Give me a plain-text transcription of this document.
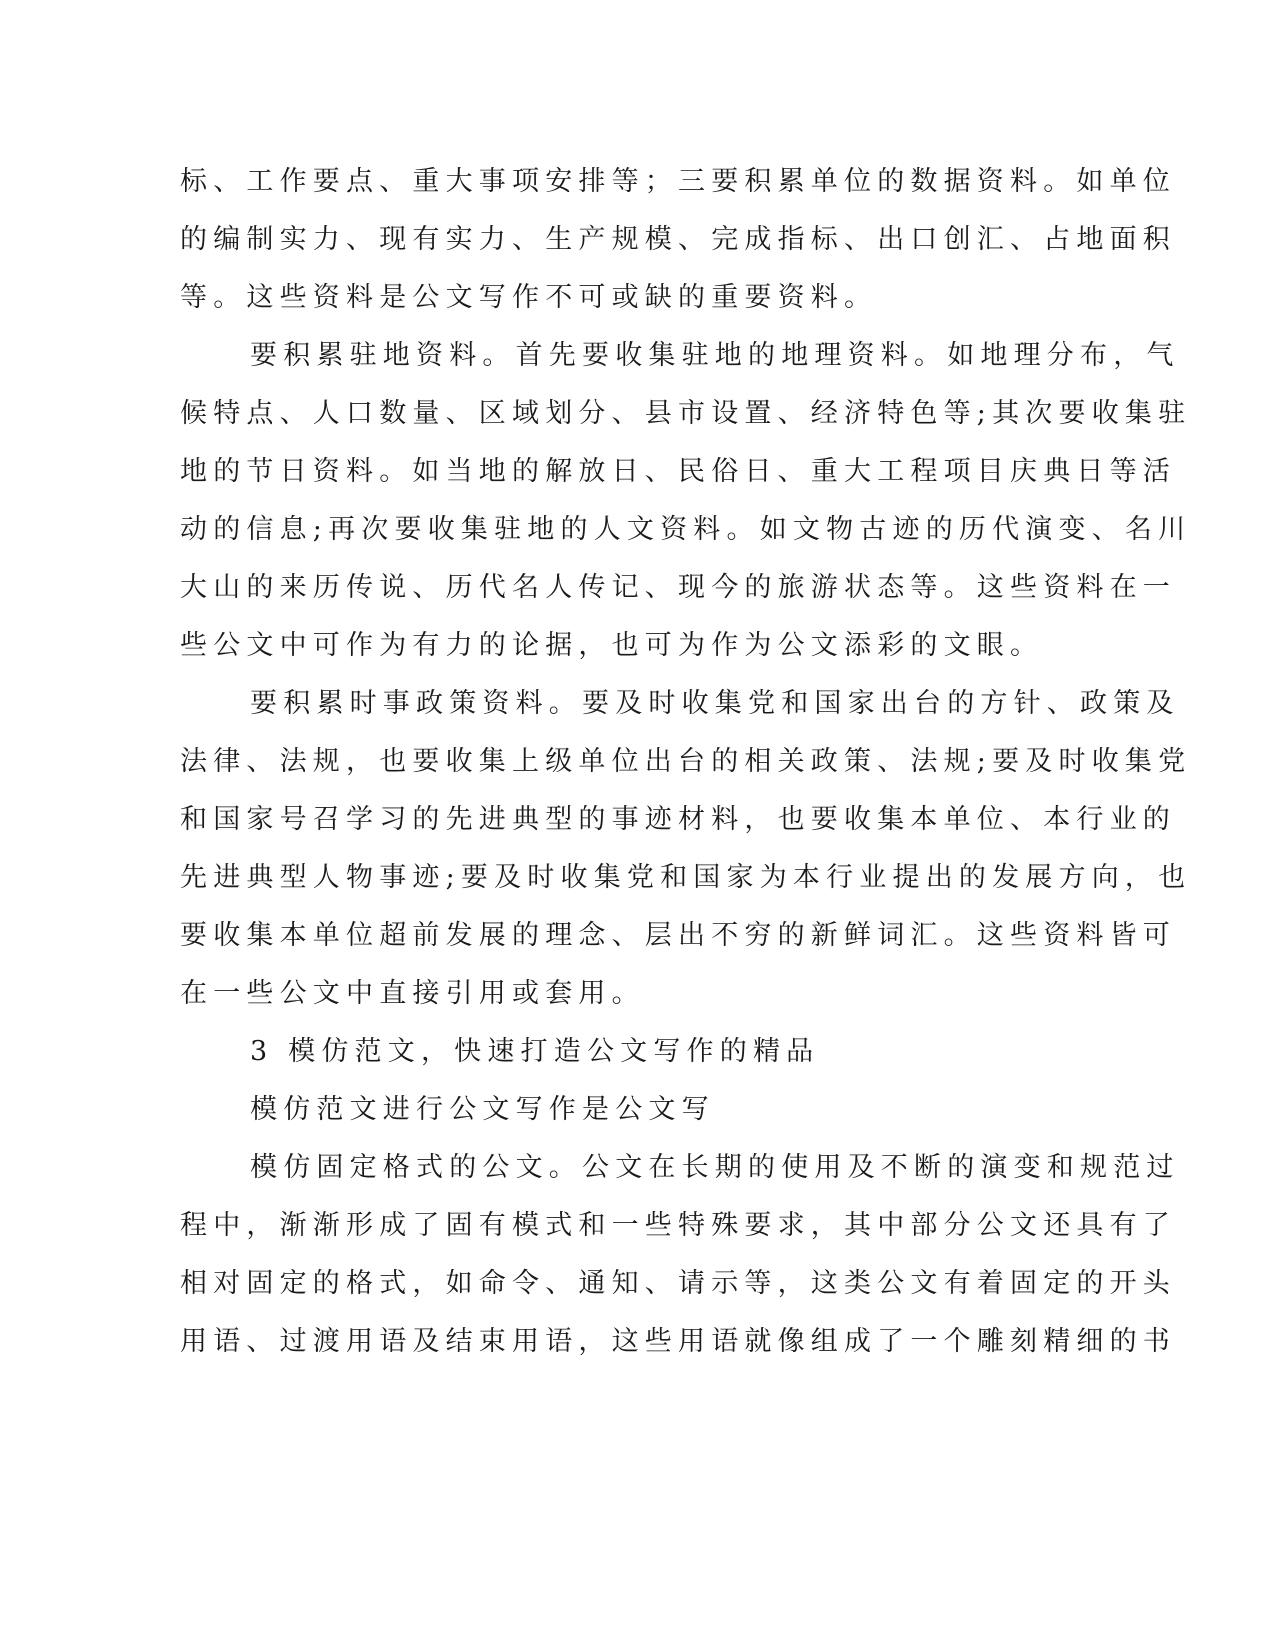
标、工作要点、重大事项安排等；三要积累单位的数据资料。如单位
的编制实力、现有实力、生产规模、完成指标、出口创汇、占地面积
等。这些资料是公文写作不可或缺的重要资料。
要积累驻地资料。首先要收集驻地的地理资料。如地理分布，气
候特点、人口数量、区域划分、县市设置、经济特色等;其次要收集驻
地的节日资料。如当地的解放日、民俗日、重大工程项目庆典日等活
动的信息;再次要收集驻地的人文资料。如文物古迹的历代演变、名川
大山的来历传说、历代名人传记、现今的旅游状态等。这些资料在一
些公文中可作为有力的论据，也可为作为公文添彩的文眼。
要积累时事政策资料。要及时收集党和国家出台的方针、政策及
法律、法规，也要收集上级单位出台的相关政策、法规;要及时收集党
和国家号召学习的先进典型的事迹材料，也要收集本单位、本行业的
先进典型人物事迹;要及时收集党和国家为本行业提出的发展方向，也
要收集本单位超前发展的理念、层出不穷的新鲜词汇。这些资料皆可
在一些公文中直接引用或套用。
3 模仿范文，快速打造公文写作的精品
模仿范文进行公文写作是公文写
模仿固定格式的公文。公文在长期的使用及不断的演变和规范过
程中，渐渐形成了固有模式和一些特殊要求，其中部分公文还具有了
相对固定的格式，如命令、通知、请示等，这类公文有着固定的开头
用语、过渡用语及结束用语，这些用语就像组成了一个雕刻精细的书
